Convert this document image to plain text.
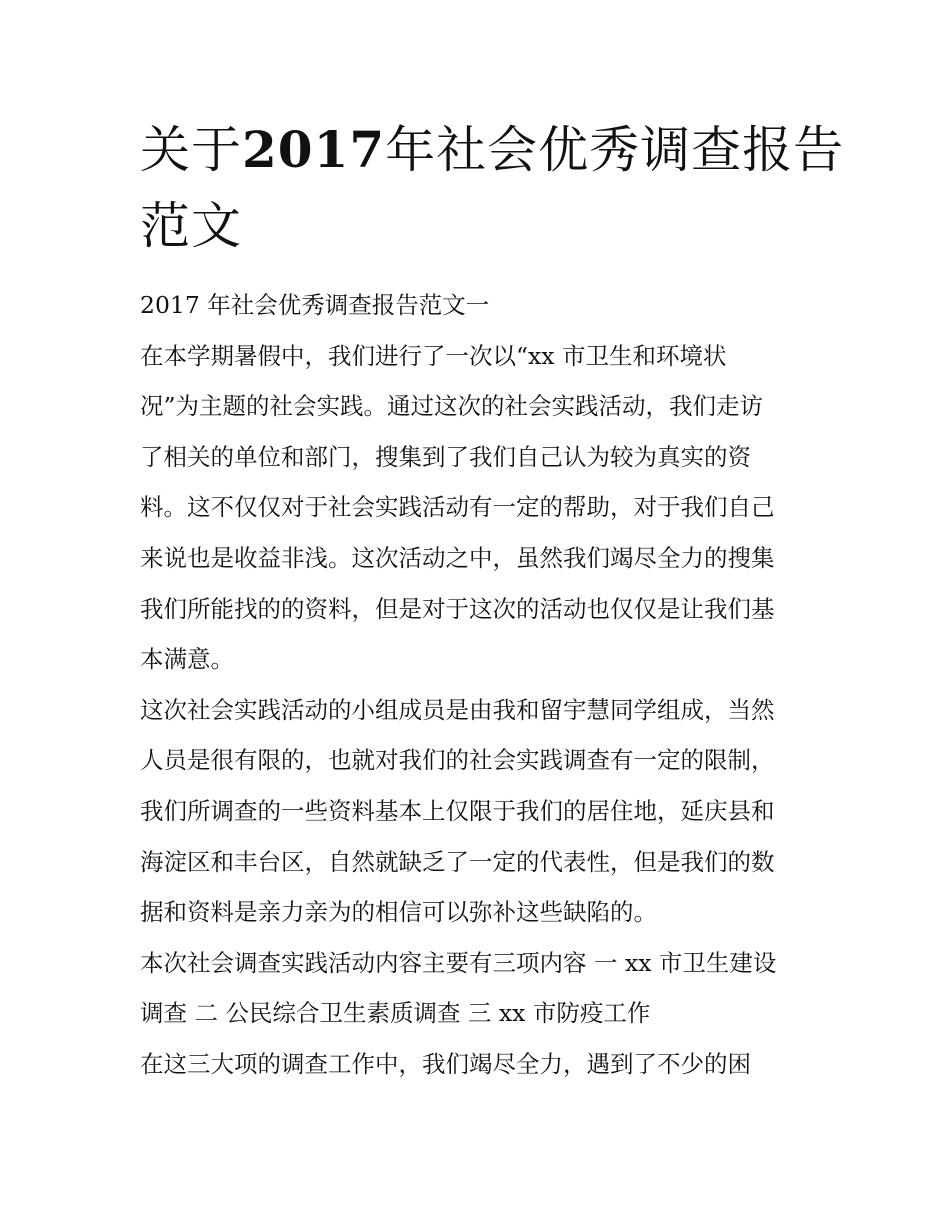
关于2017年社会优秀调查报告
范文

2017 年社会优秀调查报告范文一

在本学期暑假中，我们进行了一次以“xx 市卫生和环境状
况”为主题的社会实践。通过这次的社会实践活动，我们走访
了相关的单位和部门，搜集到了我们自己认为较为真实的资
料。这不仅仅对于社会实践活动有一定的帮助，对于我们自己
来说也是收益非浅。这次活动之中，虽然我们竭尽全力的搜集
我们所能找的的资料，但是对于这次的活动也仅仅是让我们基
本满意。

这次社会实践活动的小组成员是由我和留宇慧同学组成，当然
人员是很有限的，也就对我们的社会实践调查有一定的限制，
我们所调查的一些资料基本上仅限于我们的居住地，延庆县和
海淀区和丰台区，自然就缺乏了一定的代表性，但是我们的数
据和资料是亲力亲为的相信可以弥补这些缺陷的。

本次社会调查实践活动内容主要有三项内容 一 xx 市卫生建设
调查 二 公民综合卫生素质调查 三 xx 市防疫工作

在这三大项的调查工作中，我们竭尽全力，遇到了不少的困
